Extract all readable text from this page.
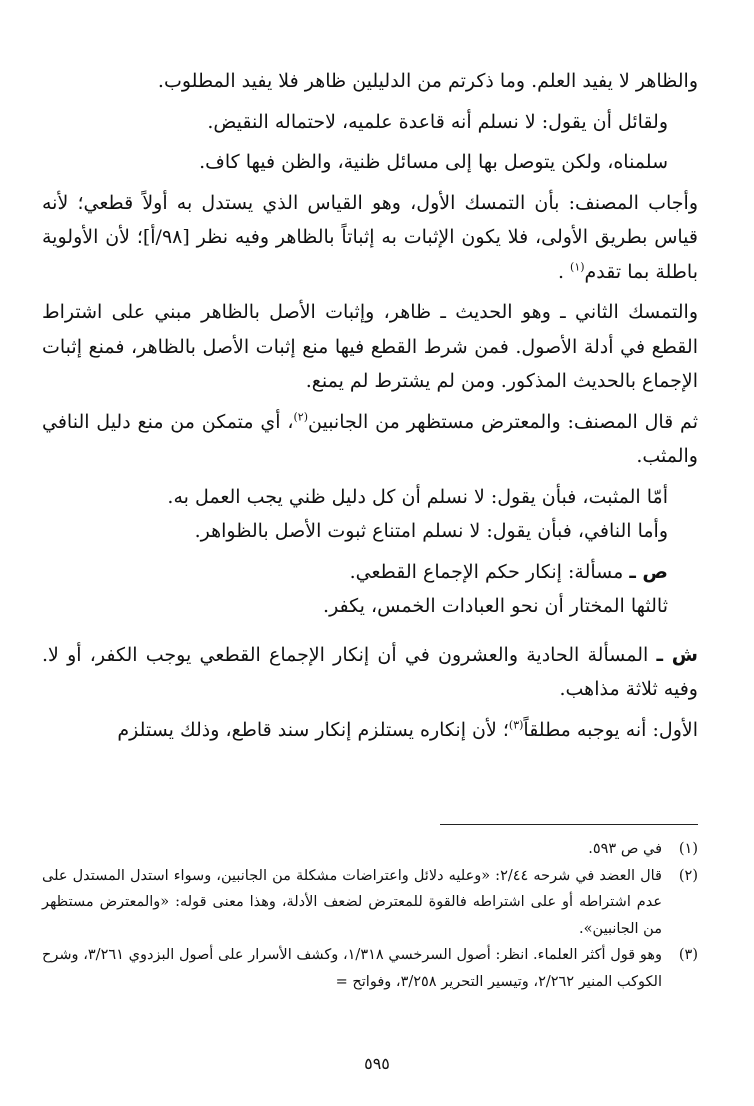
والظاهر لا يفيد العلم. وما ذكرتم من الدليلين ظاهر فلا يفيد المطلوب.

ولقائل أن يقول: لا نسلم أنه قاعدة علميه، لاحتماله النقيض.

سلمناه، ولكن يتوصل بها إلى مسائل ظنية، والظن فيها كاف.

وأجاب المصنف: بأن التمسك الأول، وهو القياس الذي يستدل به أولاً قطعي؛ لأنه قياس بطريق الأولى، فلا يكون الإثبات به إثباتاً بالظاهر وفيه نظر [٩٨/أ]؛ لأن الأولوية باطلة بما تقدم$^{(١)}$ .

والتمسك الثاني ـ وهو الحديث ـ ظاهر، وإثبات الأصل بالظاهر مبني على اشتراط القطع في أدلة الأصول. فمن شرط القطع فيها منع إثبات الأصل بالظاهر، فمنع إثبات الإجماع بالحديث المذكور. ومن لم يشترط لم يمنع.

ثم قال المصنف: والمعترض مستظهر من الجانبين$^{(٢)}$، أي متمكن من منع دليل النافي والمثب.

أمّا المثبت، فبأن يقول: لا نسلم أن كل دليل ظني يجب العمل به.

وأما النافي، فبأن يقول: لا نسلم امتناع ثبوت الأصل بالظواهر.

ص ـ مسألة: إنكار حكم الإجماع القطعي.

ثالثها المختار أن نحو العبادات الخمس، يكفر.

ش ـ المسألة الحادية والعشرون في أن إنكار الإجماع القطعي يوجب الكفر، أو لا. وفيه ثلاثة مذاهب.

الأول: أنه يوجبه مطلقاً$^{(٣)}$؛ لأن إنكاره يستلزم إنكار سند قاطع، وذلك يستلزم

(١)
في ص ٥٩٣.
(٢)
قال العضد في شرحه ٢/٤٤: «وعليه دلائل واعتراضات مشكلة من الجانبين، وسواء استدل المستدل على عدم اشتراطه أو على اشتراطه فالقوة للمعترض لضعف الأدلة، وهذا معنى قوله: «والمعترض مستظهر من الجانبين».
(٣)
وهو قول أكثر العلماء. انظر: أصول السرخسي ١/٣١٨، وكشف الأسرار على أصول البزدوي ٣/٢٦١، وشرح الكوكب المنير ٢/٢٦٢، وتيسير التحرير ٣/٢٥٨، وفواتح =
٥٩٥
